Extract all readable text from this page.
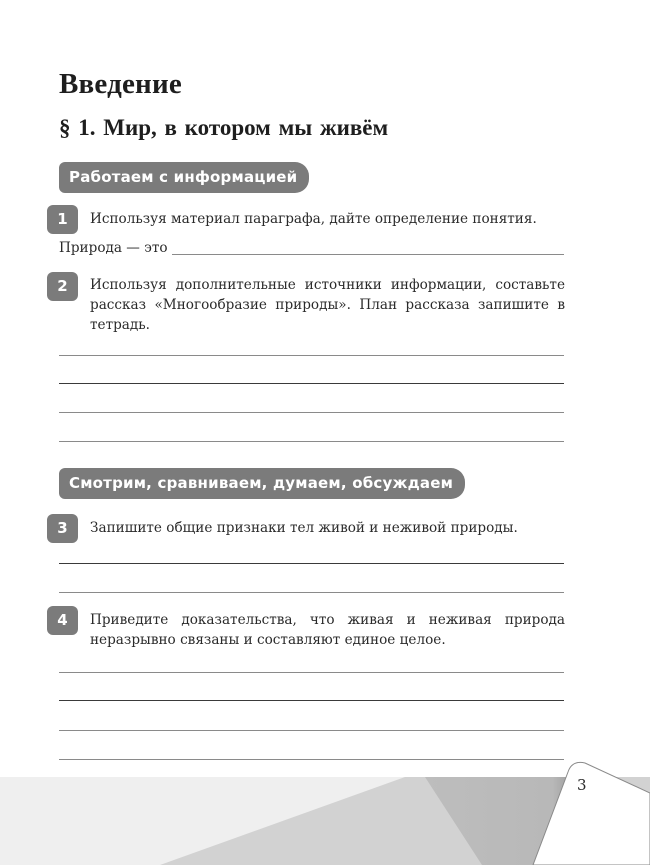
Введение
§ 1. Мир, в котором мы живём
Работаем с информацией
1	Используя материал параграфа, дайте определение понятия.
Природа — это
2	Используя дополнительные источники информации, составьте рассказ «Многообразие природы». План рассказа запишите в тетрадь.
Смотрим, сравниваем, думаем, обсуждаем
3	Запишите общие признаки тел живой и неживой природы.
4	Приведите доказательства, что живая и неживая природа неразрывно связаны и составляют единое целое.
3
